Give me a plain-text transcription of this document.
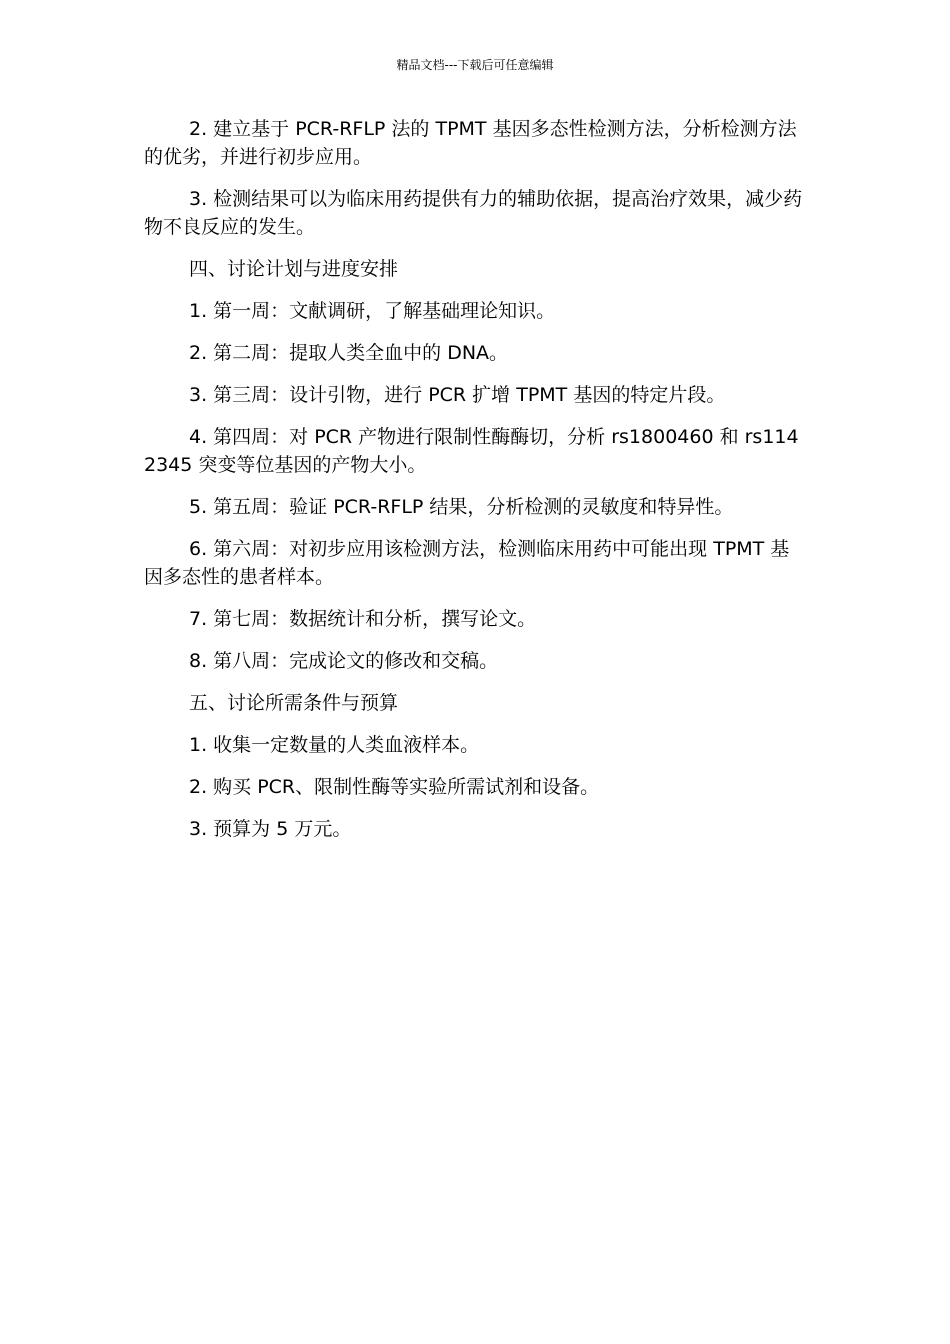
精品文档---下载后可任意编辑

2. 建立基于 PCR-RFLP 法的 TPMT 基因多态性检测方法，分析检测方法的优劣，并进行初步应用。

3. 检测结果可以为临床用药提供有力的辅助依据，提高治疗效果，减少药物不良反应的发生。

四、讨论计划与进度安排

1. 第一周：文献调研，了解基础理论知识。

2. 第二周：提取人类全血中的 DNA。

3. 第三周：设计引物，进行 PCR 扩增 TPMT 基因的特定片段。

4. 第四周：对 PCR 产物进行限制性酶酶切，分析 rs1800460 和 rs1142345 突变等位基因的产物大小。

5. 第五周：验证 PCR-RFLP 结果，分析检测的灵敏度和特异性。

6. 第六周：对初步应用该检测方法，检测临床用药中可能出现 TPMT 基因多态性的患者样本。

7. 第七周：数据统计和分析，撰写论文。

8. 第八周：完成论文的修改和交稿。

五、讨论所需条件与预算

1. 收集一定数量的人类血液样本。

2. 购买 PCR、限制性酶等实验所需试剂和设备。

3. 预算为 5 万元。
